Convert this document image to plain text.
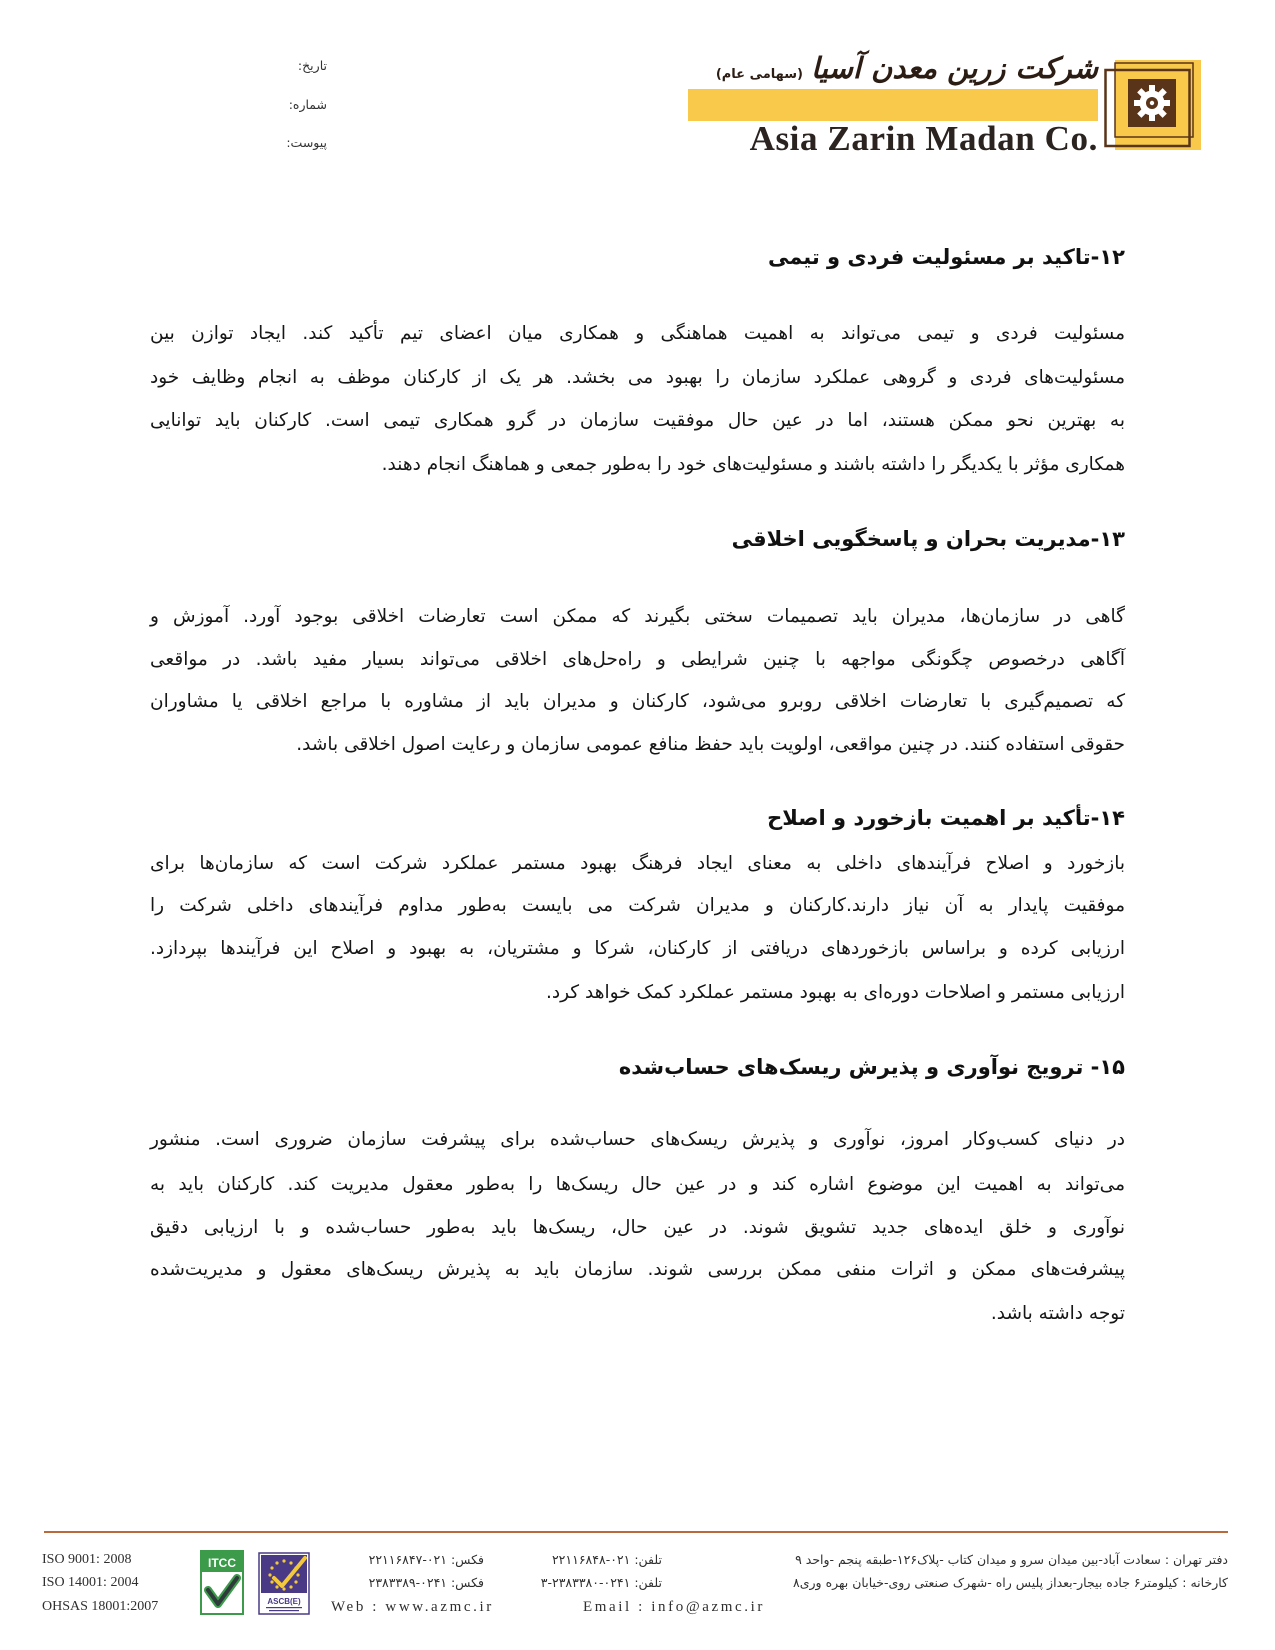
تاریخ:
شماره:
پیوست:
شرکت زرین معدن آسیا
(سهامی عام)
Asia Zarin Madan Co.
۱۲-تاکید بر مسئولیت فردی و تیمی
مسئولیت فردی و تیمی می‌تواند به اهمیت هماهنگی و همکاری میان اعضای تیم تأکید کند. ایجاد توازن بین
مسئولیت‌های فردی و گروهی عملکرد سازمان را بهبود می بخشد. هر یک از کارکنان موظف به انجام وظایف خود
به بهترین نحو ممکن هستند، اما در عین حال موفقیت سازمان در گرو همکاری تیمی است. کارکنان باید توانایی
همکاری مؤثر با یکدیگر را داشته باشند و مسئولیت‌های خود را به‌طور جمعی و هماهنگ انجام دهند.
۱۳-مدیریت بحران و پاسخگویی اخلاقی
گاهی در سازمان‌ها، مدیران باید تصمیمات سختی بگیرند که ممکن است تعارضات اخلاقی بوجود آورد. آموزش و
آگاهی درخصوص چگونگی مواجهه با چنین شرایطی و راه‌حل‌های اخلاقی می‌تواند بسیار مفید باشد. در مواقعی
که تصمیم‌گیری با تعارضات اخلاقی روبرو می‌شود، کارکنان و مدیران باید از مشاوره با مراجع اخلاقی یا مشاوران
حقوقی استفاده کنند. در چنین مواقعی، اولویت باید حفظ منافع عمومی سازمان و رعایت اصول اخلاقی باشد.
۱۴-تأکید بر اهمیت بازخورد و اصلاح
بازخورد و اصلاح فرآیندهای داخلی به معنای ایجاد فرهنگ بهبود مستمر عملکرد شرکت است که سازمان‌ها برای
موفقیت پایدار به آن نیاز دارند.کارکنان و مدیران شرکت می بایست به‌طور مداوم فرآیندهای داخلی شرکت را
ارزیابی کرده و براساس بازخوردهای دریافتی از کارکنان، شرکا و مشتریان، به بهبود و اصلاح این فرآیندها بپردازد.
ارزیابی مستمر و اصلاحات دوره‌ای به بهبود مستمر عملکرد کمک خواهد کرد.
۱۵- ترویج نوآوری و پذیرش ریسک‌های حساب‌شده
در دنیای کسب‌وکار امروز، نوآوری و پذیرش ریسک‌های حساب‌شده برای پیشرفت سازمان ضروری است. منشور
می‌تواند به اهمیت این موضوع اشاره کند و در عین حال ریسک‌ها را به‌طور معقول مدیریت کند. کارکنان باید به
نوآوری و خلق ایده‌های جدید تشویق شوند. در عین حال، ریسک‌ها باید به‌طور حساب‌شده و با ارزیابی دقیق
پیشرفت‌های ممکن و اثرات منفی ممکن بررسی شوند. سازمان باید به پذیرش ریسک‌های معقول و مدیریت‌شده
توجه داشته باشد.
ISO 9001: 2008
ISO 14001: 2004
OHSAS 18001:2007
ITCC
ASCB(E)
دفتر تهران : سعادت آباد-بین میدان سرو و میدان کتاب -پلاک۱۲۶-طبقه پنجم -واحد ۹
تلفن: ۰۲۱-۲۲۱۱۶۸۴۸
فکس: ۰۲۱-۲۲۱۱۶۸۴۷
کارخانه : کیلومتر۶ جاده بیجار-بعداز پلیس راه -شهرک صنعتی روی-خیابان بهره وری۸
تلفن: ۰۲۴۱-۲۳۸۳۳۸۰-۳
فکس: ۰۲۴۱-۲۳۸۳۳۸۹
Web : www.azmc.ir	Email : info@azmc.ir
